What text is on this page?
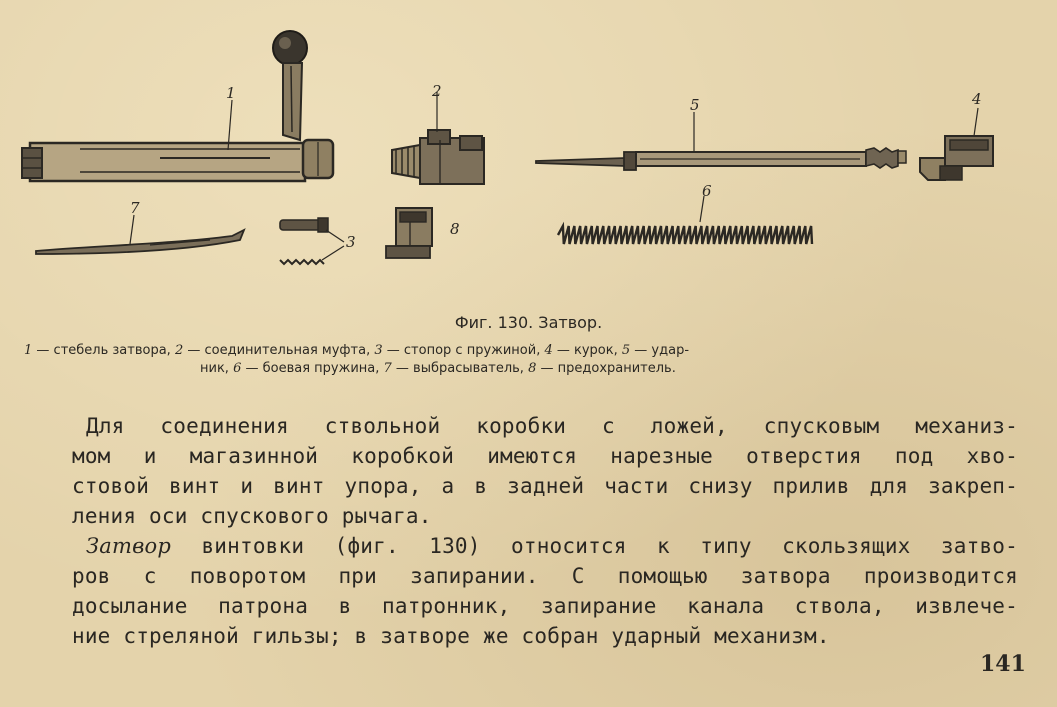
1	2
3
4
5
6
7
8
Фиг. 130. Затвор.
1 — стебель затвора, 2 — соединительная муфта, 3 — стопор с пружиной, 4 — курок, 5 — удар-
ник, 6 — боевая пружина, 7 — выбрасыватель, 8 — предохранитель.

Для соединения ствольной коробки с ложей, спусковым механиз-
мом и магазинной коробкой имеются нарезные отверстия под хво-
стовой винт и винт упора, а в задней части снизу прилив для закреп-
ления оси спускового рычага.

Затвор винтовки (фиг. 130) относится к типу скользящих затво-
ров с поворотом при запирании. С помощью затвора производится
досылание патрона в патронник, запирание канала ствола, извлече-
ние стреляной гильзы; в затворе же собран ударный механизм.

141
